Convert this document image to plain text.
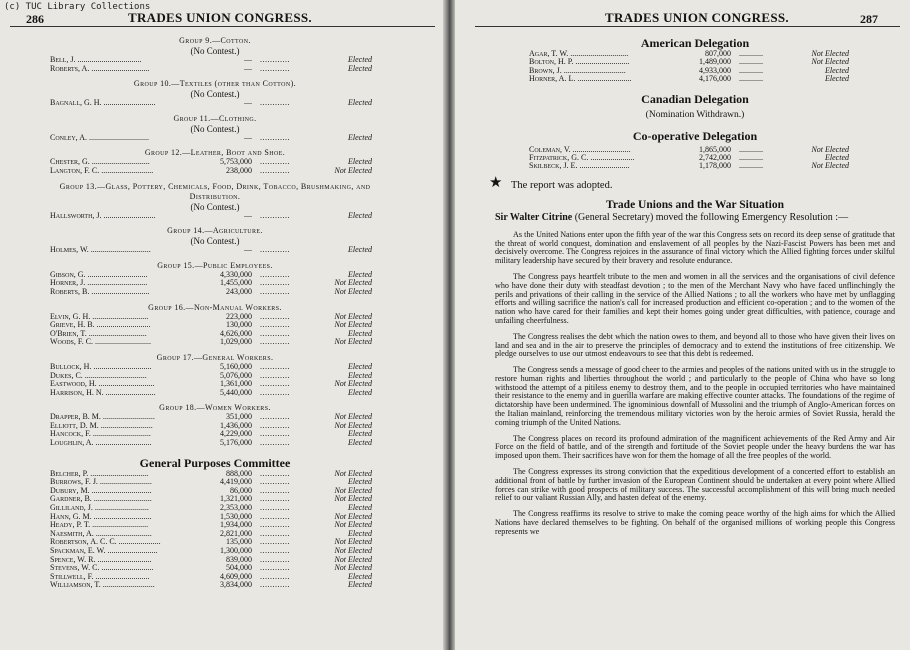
(c) TUC Library Collections
286	TRADES UNION CONGRESS.
Group 9.—Cotton.
(No Contest.)
Bell, J. ................................	— ............	Elected
Roberts, A. .............................	— ............	Elected
Group 10.—Textiles (other than Cotton).
(No Contest.)
Bagnall, G. H. ..........................	— ............	Elected
Group 11.—Clothing.
(No Contest.)
Conley, A. ..............................	— ............	Elected
Group 12.—Leather, Boot and Shoe.
Chester, G. .............................	5,753,000 ............	Elected
Langton, F. C. ..........................	238,000 ............	Not Elected
Group 13.—Glass, Pottery, Chemicals, Food, Drink, Tobacco, Brushmaking, and Distribution.
(No Contest.)
Hallsworth, J. ..........................	— ............	Elected
Group 14.—Agriculture.
(No Contest.)
Holmes, W. ..............................	— ............	Elected
Group 15.—Public Employees.
Gibson, G. ..............................	4,330,000 ............	Elected
Horner, J. ..............................	1,455,000 ............	Not Elected
Roberts, B. .............................	243,000 ............	Not Elected
Group 16.—Non-Manual Workers.
Elvin, G. H. ............................	223,000 ............	Not Elected
Grieve, H. B. ...........................	130,000 ............	Not Elected
O'Brien, T. .............................	4,626,000 ............	Elected
Woods, F. C. ............................	1,029,000 ............	Not Elected
Group 17.—General Workers.
Bullock, H. .............................	5,160,000 ............	Elected
Dukes, C. ...............................	5,076,000 ............	Elected
Eastwood, H. ............................	1,361,000 ............	Not Elected
Harrison, H. N. .........................	5,440,000 ............	Elected
Group 18.—Women Workers.
Drapper, B. M. ..........................	351,000 ............	Not Elected
Elliott, D. M. ..........................	1,436,000 ............	Not Elected
Hancock, F. .............................	4,229,000 ............	Elected
Loughlin, A. ............................	5,176,000 ............	Elected
General Purposes Committee
Belcher, P. .............................	888,000 ............	Not Elected
Burrows, F. J. ..........................	4,419,000 ............	Elected
Dubury, M. ..............................	86,000 ............	Not Elected
Gardner, B. .............................	1,321,000 ............	Not Elected
Gilliland, J. ...........................	2,353,000 ............	Elected
Hann, G. M. .............................	1,530,000 ............	Not Elected
Heady, P. T. ............................	1,934,000 ............	Not Elected
Naesmith, A. ............................	2,821,000 ............	Elected
Robertson, A. C. C. .....................	135,000 ............	Not Elected
Spackman, E. W. .........................	1,300,000 ............	Not Elected
Spence, W. R. ...........................	839,000 ............	Not Elected
Stevens, W. C. ..........................	504,000 ............	Not Elected
Stillwell, F. ...........................	4,609,000 ............	Elected
Williamson, T. ..........................	3,834,000 ............	Elected
TRADES UNION CONGRESS.	287
American Delegation
Agar, T. W. .............................	807,000 ............	Not Elected
Bolton, H. P. ...........................	1,489,000 ............	Not Elected
Brown, J. ...............................	4,933,000 ............	Elected
Horner, A. L. ...........................	4,176,000 ............	Elected
Canadian Delegation
(Nomination Withdrawn.)
Co-operative Delegation
Coleman, V. .............................	1,865,000 ............	Not Elected
Fitzpatrick, G. C. ......................	2,742,000 ............	Elected
Skilbeck, J. E. .........................	1,178,000 ............	Not Elected
★ The report was adopted.
Trade Unions and the War Situation
Sir Walter Citrine (General Secretary) moved the following Emergency Resolution :—

As the United Nations enter upon the fifth year of the war this Congress sets on record its deep sense of gratitude that the threat of world conquest, domination and enslavement of all peoples by the Nazi-Fascist Powers has been met and decisively overcome. The Congress rejoices in the assurance of final victory which the Allied fighting forces under skilful military leadership have secured by their bravery and resolute endurance.

The Congress pays heartfelt tribute to the men and women in all the services and the organisations of civil defence who have done their duty with steadfast devotion ; to the men of the Merchant Navy who have faced unflinchingly the perils and privations of their calling in the service of the Allied Nations ; to all the workers who have met by unflagging efforts and willing sacrifice the nation's call for increased production and efficient co-operation ; and to the women of the nation who have cared for their families and kept their homes going under great difficulties, with patience, courage and unfailing cheerfulness.

The Congress realises the debt which the nation owes to them, and beyond all to those who have given their lives on land and sea and in the air to preserve the principles of democracy and to extend the institutions of free citizenship. We pledge ourselves to use our utmost endeavours to see that this debt is redeemed.

The Congress sends a message of good cheer to the armies and peoples of the nations united with us in the struggle to restore human rights and liberties throughout the world ; and particularly to the people of China who have so long withstood the attempt of a pitiless enemy to destroy them, and to the people in occupied territories who have maintained their resistance to the enemy and in guerilla warfare are making effective counter attacks. The foundations of the regime of dictatorship have been undermined. The ignominious downfall of Mussolini and the triumph of Anglo-American forces on the Italian mainland, reinforcing the tremendous military victories won by the heroic armies of Soviet Russia, herald the coming triumph of the United Nations.

The Congress places on record its profound admiration of the magnificent achievements of the Red Army and Air Force on the field of battle, and of the strength and fortitude of the Soviet people under the heavy burdens the war has imposed upon them. Their sacrifices have won for them the homage of all the free peoples of the world.

The Congress expresses its strong conviction that the expeditious development of a concerted effort to establish an additional front of battle by further invasion of the European Continent should be undertaken at every point where Allied forces can strike with good prospects of military success. The successful accomplishment of this will bring much needed relief to our valiant Russian Ally, and hasten defeat of the enemy.

The Congress reaffirms its resolve to strive to make the coming peace worthy of the high aims for which the Allied Nations have declared themselves to be fighting. On behalf of the organised millions of working people this Congress represents we
